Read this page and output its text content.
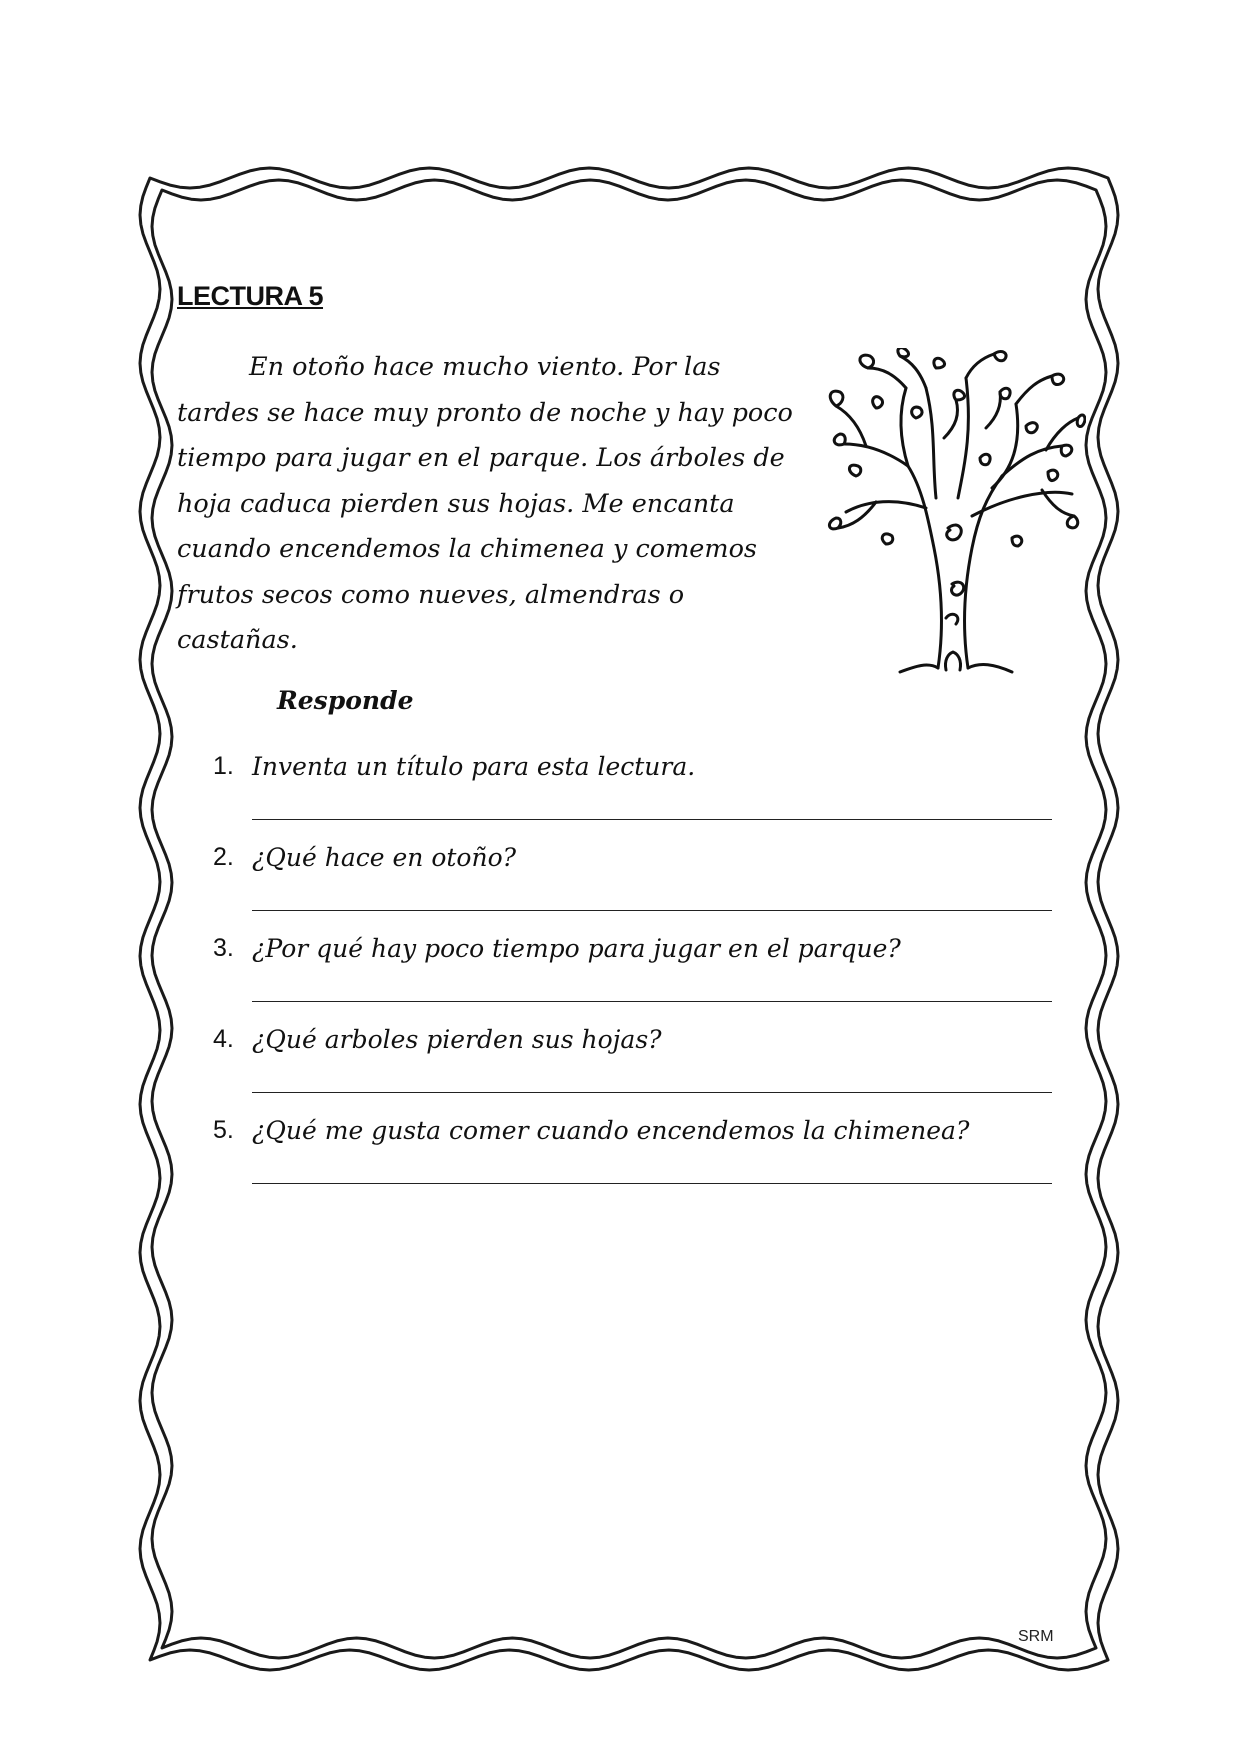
LECTURA 5
En otoño hace mucho viento. Por las
tardes se hace muy pronto de noche y hay poco
tiempo para jugar en el parque. Los árboles de
hoja caduca pierden sus hojas. Me encanta
cuando encendemos la chimenea y comemos
frutos secos como nueves, almendras o
castañas.
Responde
1. Inventa un título para esta lectura.
2. ¿Qué hace en otoño?
3. ¿Por qué hay poco tiempo para jugar en el parque?
4. ¿Qué arboles pierden sus hojas?
5. ¿Qué me gusta comer cuando encendemos la chimenea?

SRM
